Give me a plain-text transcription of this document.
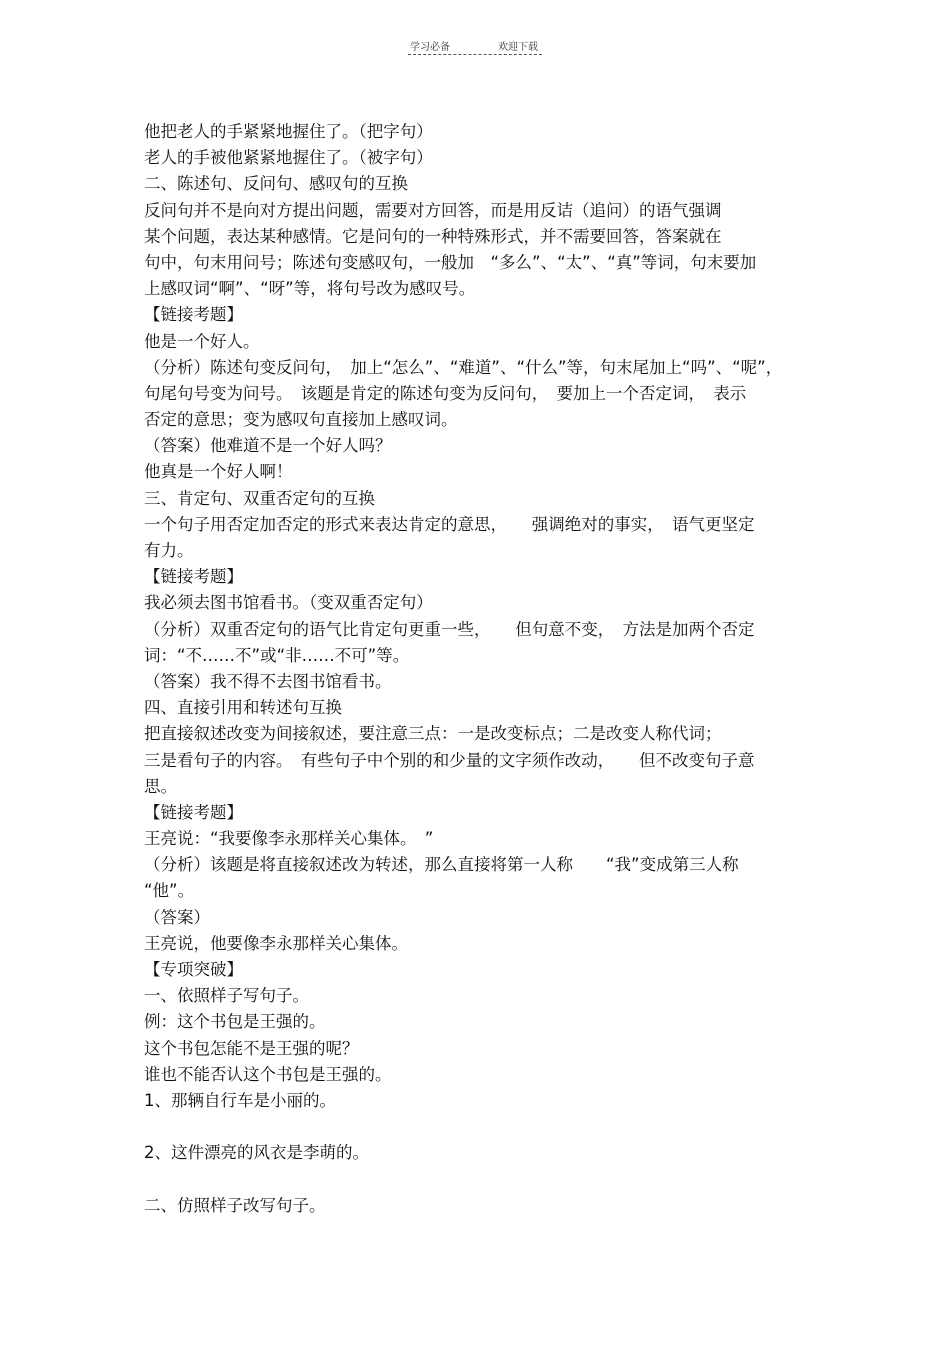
学习必备	欢迎下载
他把老人的手紧紧地握住了。（把字句）
老人的手被他紧紧地握住了。（被字句）
二、陈述句、反问句、感叹句的互换
反问句并不是向对方提出问题，需要对方回答，而是用反诘（追问）的语气强调
某个问题，表达某种感情。它是问句的一种特殊形式，并不需要回答，答案就在
句中，句末用问号；陈述句变感叹句，一般加　“多么”、“太”、“真”等词，句末要加
上感叹词“啊”、“呀”等，将句号改为感叹号。
【链接考题】
他是一个好人。
（分析）陈述句变反问句，　加上“怎么”、“难道”、“什么”等，句末尾加上“吗”、“呢”，
句尾句号变为问号。　该题是肯定的陈述句变为反问句，　要加上一个否定词，　表示
否定的意思；变为感叹句直接加上感叹词。
（答案）他难道不是一个好人吗？
他真是一个好人啊！
三、肯定句、双重否定句的互换
一个句子用否定加否定的形式来表达肯定的意思，　　强调绝对的事实，　语气更坚定
有力。
【链接考题】
我必须去图书馆看书。（变双重否定句）
（分析）双重否定句的语气比肯定句更重一些，　　但句意不变，　方法是加两个否定
词：“不……不”或“非……不可”等。
（答案）我不得不去图书馆看书。
四、直接引用和转述句互换
把直接叙述改变为间接叙述，要注意三点：一是改变标点；二是改变人称代词；
三是看句子的内容。　有些句子中个别的和少量的文字须作改动，　　但不改变句子意
思。
【链接考题】
王亮说：“我要像李永那样关心集体。　”
（分析）该题是将直接叙述改为转述，那么直接将第一人称　　“我”变成第三人称
“他”。
（答案）
王亮说，他要像李永那样关心集体。
【专项突破】
一、依照样子写句子。
例：这个书包是王强的。
这个书包怎能不是王强的呢？
谁也不能否认这个书包是王强的。
1、那辆自行车是小丽的。
2、这件漂亮的风衣是李萌的。
二、仿照样子改写句子。
